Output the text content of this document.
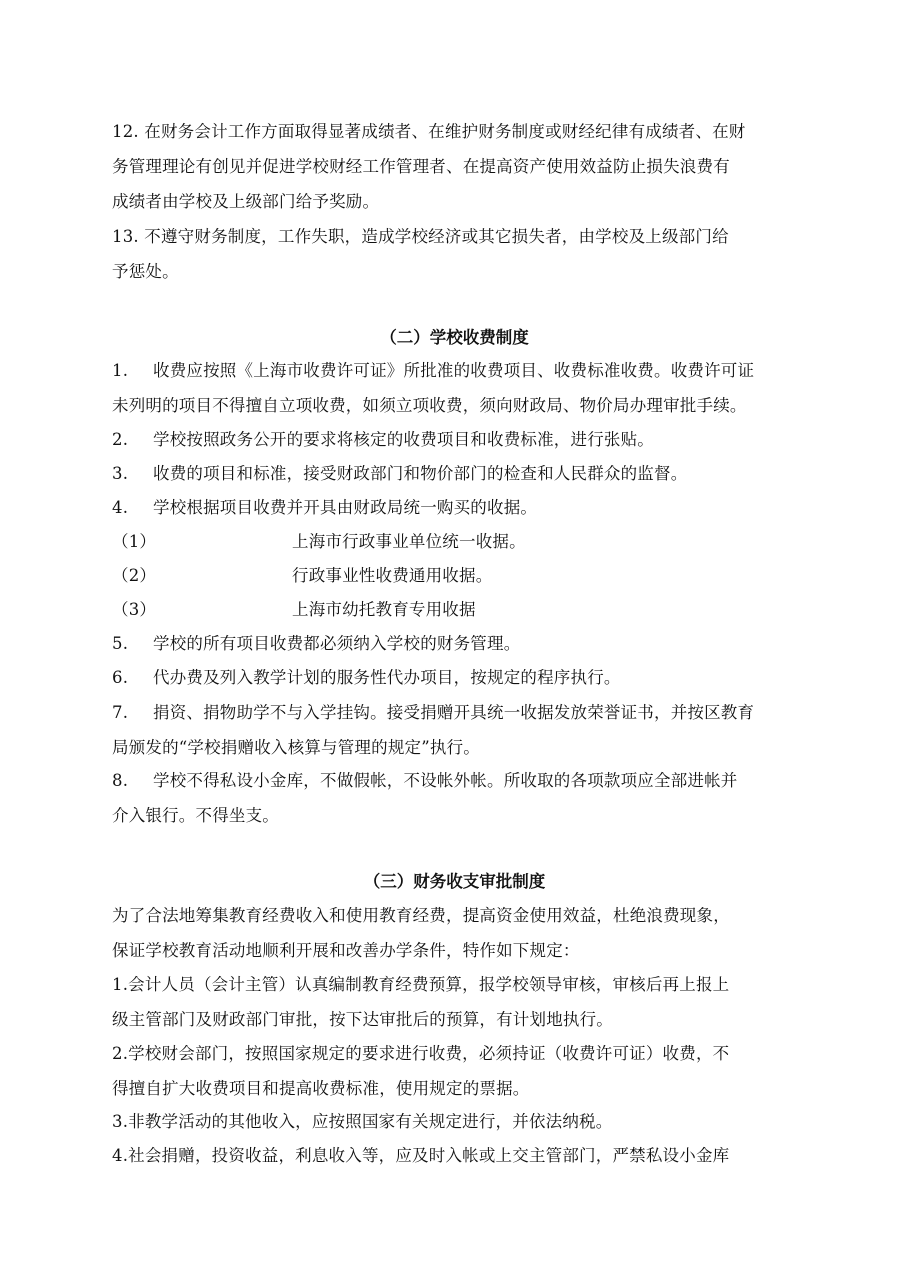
12. 在财务会计工作方面取得显著成绩者、在维护财务制度或财经纪律有成绩者、在财
务管理理论有创见并促进学校财经工作管理者、在提高资产使用效益防止损失浪费有
成绩者由学校及上级部门给予奖励。
13. 不遵守财务制度，工作失职，造成学校经济或其它损失者，由学校及上级部门给
予惩处。
（二）学校收费制度
1. 收费应按照《上海市收费许可证》所批准的收费项目、收费标准收费。收费许可证
未列明的项目不得擅自立项收费，如须立项收费，须向财政局、物价局办理审批手续。
2. 学校按照政务公开的要求将核定的收费项目和收费标准，进行张贴。
3. 收费的项目和标准，接受财政部门和物价部门的检查和人民群众的监督。
4. 学校根据项目收费并开具由财政局统一购买的收据。
（1）	上海市行政事业单位统一收据。
（2）	行政事业性收费通用收据。
（3）	上海市幼托教育专用收据
5. 学校的所有项目收费都必须纳入学校的财务管理。
6. 代办费及列入教学计划的服务性代办项目，按规定的程序执行。
7. 捐资、捐物助学不与入学挂钩。接受捐赠开具统一收据发放荣誉证书，并按区教育
局颁发的“学校捐赠收入核算与管理的规定”执行。
8. 学校不得私设小金库，不做假帐，不设帐外帐。所收取的各项款项应全部进帐并
介入银行。不得坐支。
（三）财务收支审批制度
为了合法地筹集教育经费收入和使用教育经费，提高资金使用效益，杜绝浪费现象，
保证学校教育活动地顺利开展和改善办学条件，特作如下规定：
1.会计人员（会计主管）认真编制教育经费预算，报学校领导审核，审核后再上报上
级主管部门及财政部门审批，按下达审批后的预算，有计划地执行。
2.学校财会部门，按照国家规定的要求进行收费，必须持证（收费许可证）收费，不
得擅自扩大收费项目和提高收费标准，使用规定的票据。
3.非教学活动的其他收入，应按照国家有关规定进行，并依法纳税。
4.社会捐赠，投资收益，利息收入等，应及时入帐或上交主管部门，严禁私设小金库
